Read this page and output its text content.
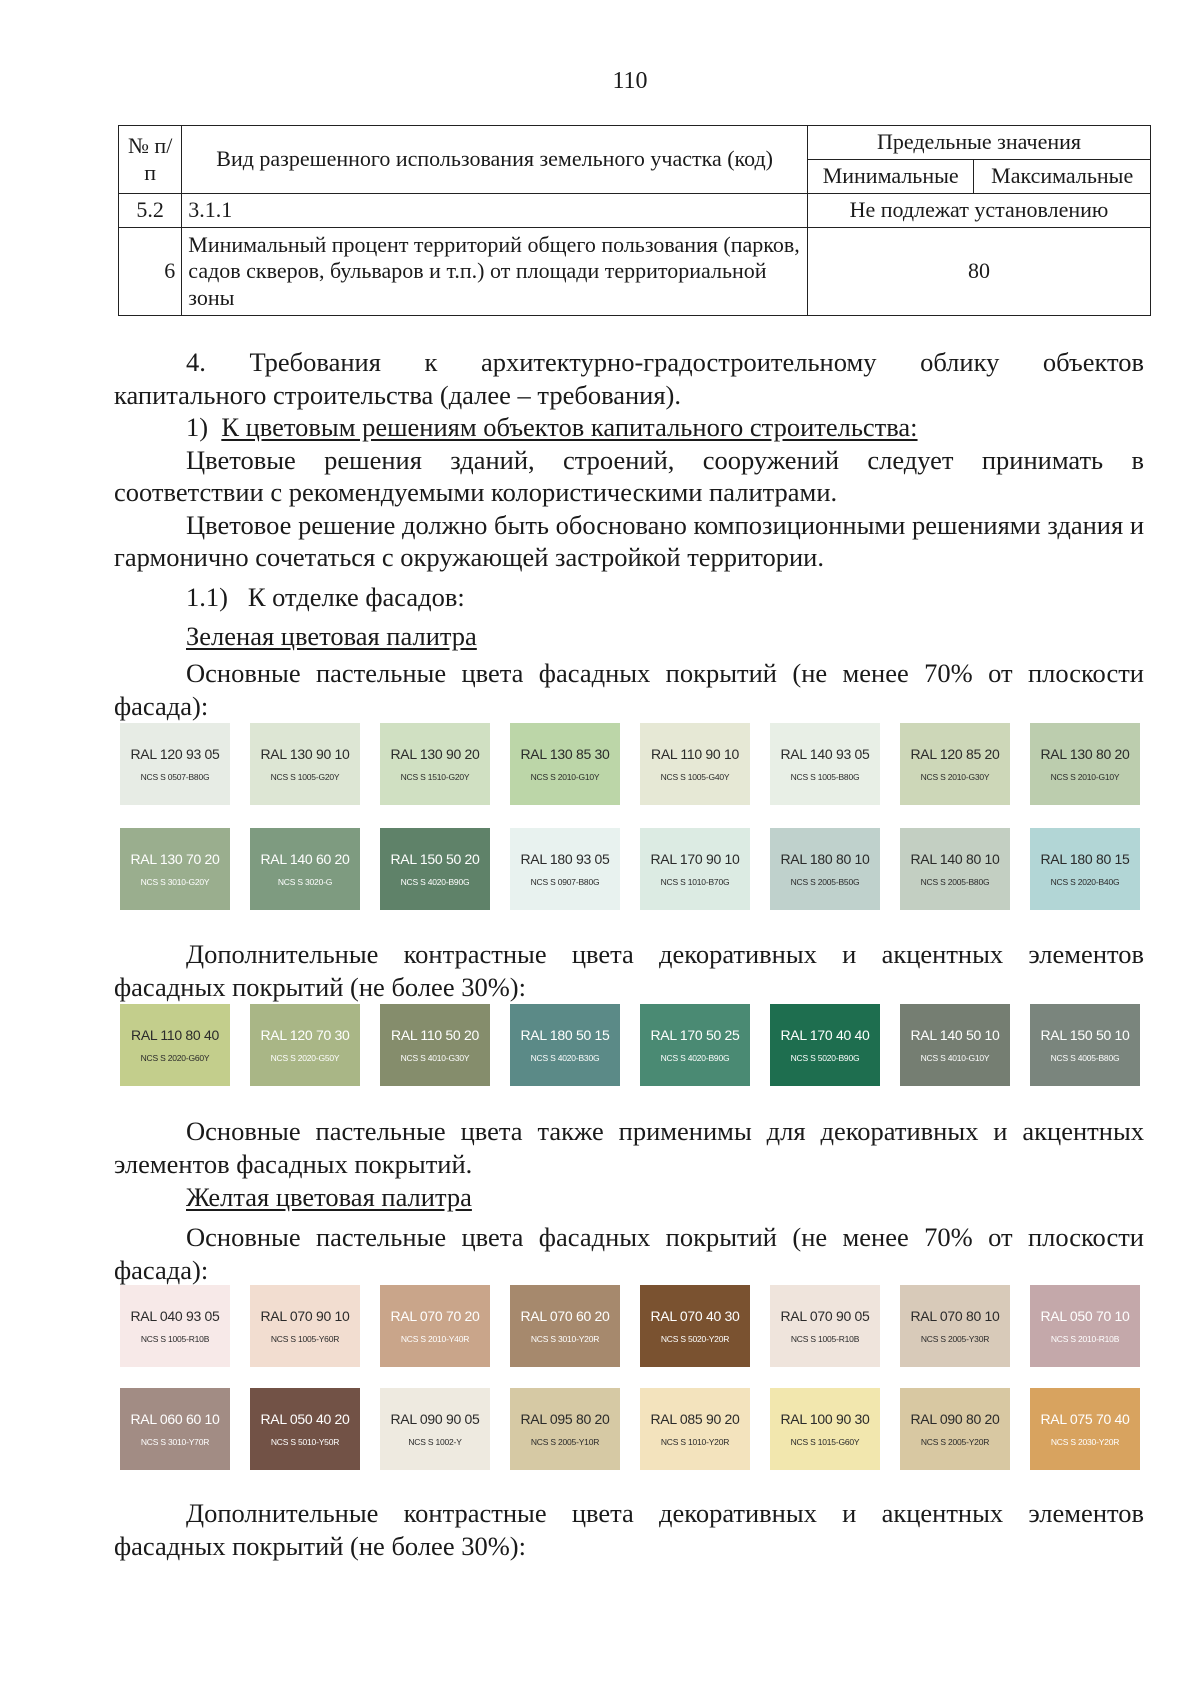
110
№ п/п	Вид разрешенного использования земельного участка (код)	Предельные значения	
		Минимальные	Максимальные
5.2	3.1.1	Не подлежат установлению	
6	Минимальный процент территорий общего пользования (парков, садов скверов, бульваров и т.п.) от площади территориальной зоны	80	

4. Требования к архитектурно-градостроительному облику объектов

капитального строительства (далее – требования).

1) К цветовым решениям объектов капитального строительства:

Цветовые решения зданий, строений, сооружений следует принимать в соответствии с рекомендуемыми колористическими палитрами.

Цветовое решение должно быть обосновано композиционными решениями здания и гармонично сочетаться с окружающей застройкой территории.

1.1)   К отделке фасадов:

Зеленая цветовая палитра

Основные пастельные цвета фасадных покрытий (не менее 70% от плоскости фасада):

RAL 120 93 05
NCS S 0507-B80G
RAL 130 90 10
NCS S 1005-G20Y
RAL 130 90 20
NCS S 1510-G20Y
RAL 130 85 30
NCS S 2010-G10Y
RAL 110 90 10
NCS S 1005-G40Y
RAL 140 93 05
NCS S 1005-B80G
RAL 120 85 20
NCS S 2010-G30Y
RAL 130 80 20
NCS S 2010-G10Y
RAL 130 70 20
NCS S 3010-G20Y
RAL 140 60 20
NCS S 3020-G
RAL 150 50 20
NCS S 4020-B90G
RAL 180 93 05
NCS S 0907-B80G
RAL 170 90 10
NCS S 1010-B70G
RAL 180 80 10
NCS S 2005-B50G
RAL 140 80 10
NCS S 2005-B80G
RAL 180 80 15
NCS S 2020-B40G

Дополнительные контрастные цвета декоративных и акцентных элементов фасадных покрытий (не более 30%):

RAL 110 80 40
NCS S 2020-G60Y
RAL 120 70 30
NCS S 2020-G50Y
RAL 110 50 20
NCS S 4010-G30Y
RAL 180 50 15
NCS S 4020-B30G
RAL 170 50 25
NCS S 4020-B90G
RAL 170 40 40
NCS S 5020-B90G
RAL 140 50 10
NCS S 4010-G10Y
RAL 150 50 10
NCS S 4005-B80G

Основные пастельные цвета также применимы для декоративных и акцентных элементов фасадных покрытий.

Желтая цветовая палитра

Основные пастельные цвета фасадных покрытий (не менее 70% от плоскости фасада):

RAL 040 93 05
NCS S 1005-R10B
RAL 070 90 10
NCS S 1005-Y60R
RAL 070 70 20
NCS S 2010-Y40R
RAL 070 60 20
NCS S 3010-Y20R
RAL 070 40 30
NCS S 5020-Y20R
RAL 070 90 05
NCS S 1005-R10B
RAL 070 80 10
NCS S 2005-Y30R
RAL 050 70 10
NCS S 2010-R10B
RAL 060 60 10
NCS S 3010-Y70R
RAL 050 40 20
NCS S 5010-Y50R
RAL 090 90 05
NCS S 1002-Y
RAL 095 80 20
NCS S 2005-Y10R
RAL 085 90 20
NCS S 1010-Y20R
RAL 100 90 30
NCS S 1015-G60Y
RAL 090 80 20
NCS S 2005-Y20R
RAL 075 70 40
NCS S 2030-Y20R

Дополнительные контрастные цвета декоративных и акцентных элементов фасадных покрытий (не более 30%):
